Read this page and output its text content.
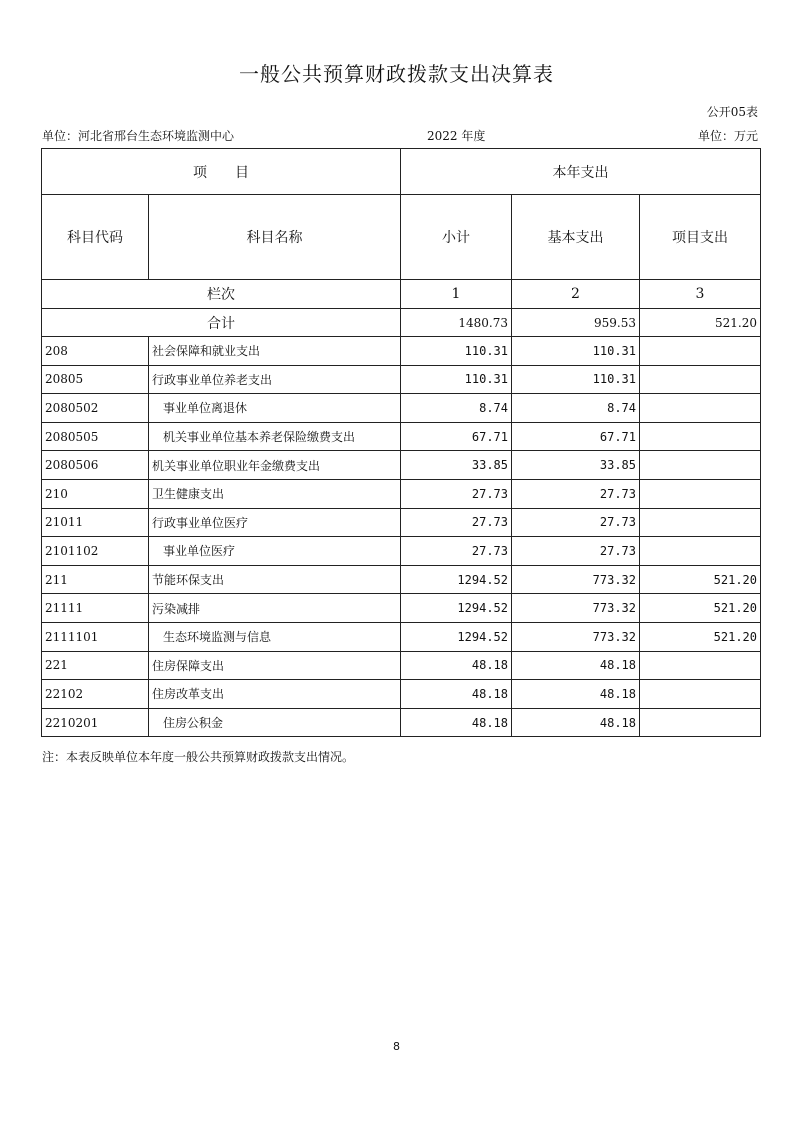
一般公共预算财政拨款支出决算表
公开05表
单位：河北省邢台生态环境监测中心	2022 年度	单位：万元
项　　目		本年支出		
科目代码	科目名称	小计	基本支出	项目支出
栏次		1	2	3
合计		1480.73	959.53	521.20
208	社会保障和就业支出	110.31	110.31	
20805	行政事业单位养老支出	110.31	110.31	
2080502	事业单位离退休	8.74	8.74	
2080505	机关事业单位基本养老保险缴费支出	67.71	67.71	
2080506	机关事业单位职业年金缴费支出	33.85	33.85	
210	卫生健康支出	27.73	27.73	
21011	行政事业单位医疗	27.73	27.73	
2101102	事业单位医疗	27.73	27.73	
211	节能环保支出	1294.52	773.32	521.20
21111	污染减排	1294.52	773.32	521.20
2111101	生态环境监测与信息	1294.52	773.32	521.20
221	住房保障支出	48.18	48.18	
22102	住房改革支出	48.18	48.18	
2210201	住房公积金	48.18	48.18	
注：本表反映单位本年度一般公共预算财政拨款支出情况。
8
